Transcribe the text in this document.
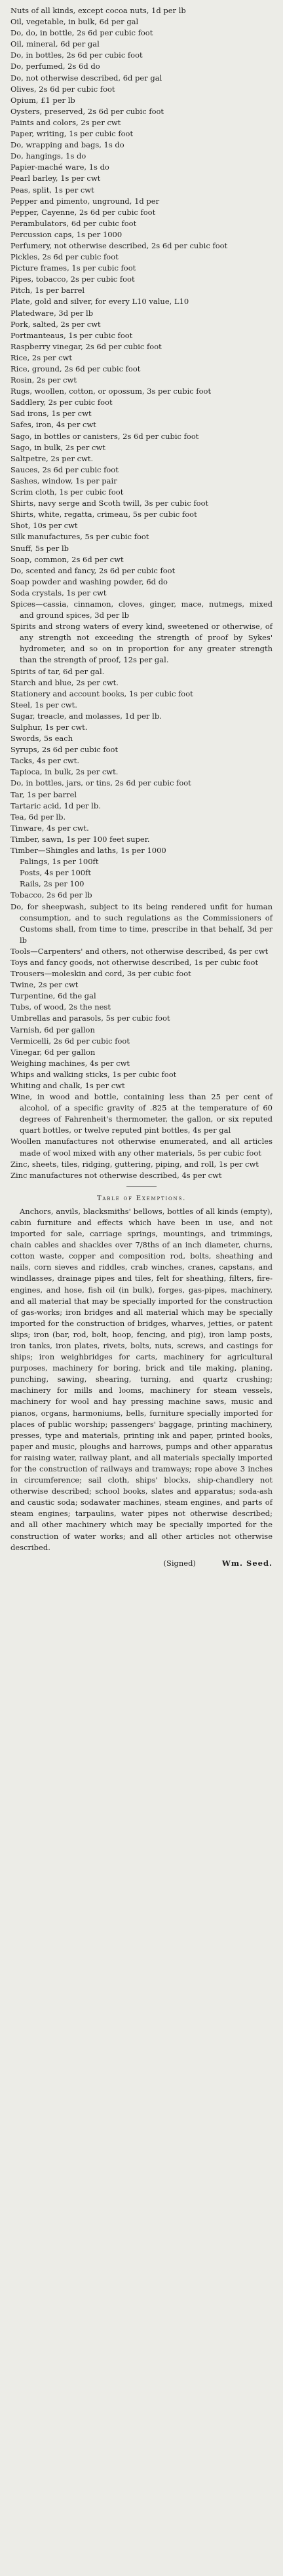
Nuts of all kinds, except cocoa nuts, 1d per lb

Oil, vegetable, in bulk, 6d per gal

Do, do, in bottle, 2s 6d per cubic foot

Oil, mineral, 6d per gal

Do, in bottles, 2s 6d per cubic foot

Do, perfumed, 2s 6d do

Do, not otherwise described, 6d per gal

Olives, 2s 6d per cubic foot

Opium, £1 per lb

Oysters, preserved, 2s 6d per cubic foot

Paints and colors, 2s per cwt

Paper, writing, 1s per cubic foot

Do, wrapping and bags, 1s do

Do, hangings, 1s do

Papier-maché ware, 1s do

Pearl barley, 1s per cwt

Peas, split, 1s per cwt

Pepper and pimento, unground, 1d per

Pepper, Cayenne, 2s 6d per cubic foot

Perambulators, 6d per cubic foot

Percussion caps, 1s per 1000

Perfumery, not otherwise described, 2s 6d per cubic foot

Pickles, 2s 6d per cubic foot

Picture frames, 1s per cubic foot

Pipes, tobacco, 2s per cubic foot

Pitch, 1s per barrel

Plate, gold and silver, for every L10 value, L10

Platedware, 3d per lb

Pork, salted, 2s per cwt

Portmanteaus, 1s per cubic foot

Raspberry vinegar, 2s 6d per cubic foot

Rice, 2s per cwt

Rice, ground, 2s 6d per cubic foot

Rosin, 2s per cwt

Rugs, woollen, cotton, or opossum, 3s per cubic foot

Saddlery, 2s per cubic foot

Sad irons, 1s per cwt

Safes, iron, 4s per cwt

Sago, in bottles or canisters, 2s 6d per cubic foot

Sago, in bulk, 2s per cwt

Saltpetre, 2s per cwt.

Sauces, 2s 6d per cubic foot

Sashes, window, 1s per pair

Scrim cloth, 1s per cubic foot

Shirts, navy serge and Scoth twill, 3s per cubic foot

Shirts, white, regatta, crimeau, 5s per cubic foot

Shot, 10s per cwt

Silk manufactures, 5s per cubic foot

Snuff, 5s per lb

Soap, common, 2s 6d per cwt

Do, scented and fancy, 2s 6d per cubic foot

Soap powder and washing powder, 6d do

Soda crystals, 1s per cwt

Spices—cassia, cinnamon, cloves, ginger, mace, nutmegs, mixed and ground spices, 3d per lb

Spirits and strong waters of every kind, sweetened or otherwise, of any strength not exceeding the strength of proof by Sykes' hydrometer, and so on in proportion for any greater strength than the strength of proof, 12s per gal.

Spirits of tar, 6d per gal.

Starch and blue, 2s per cwt.

Stationery and account books, 1s per cubic foot

Steel, 1s per cwt.

Sugar, treacle, and molasses, 1d per lb.

Sulphur, 1s per cwt.

Swords, 5s each

Syrups, 2s 6d per cubic foot

Tacks, 4s per cwt.

Tapioca, in bulk, 2s per cwt.

Do, in bottles, jars, or tins, 2s 6d per cubic foot

Tar, 1s per barrel

Tartaric acid, 1d per lb.

Tea, 6d per lb.

Tinware, 4s per cwt.

Timber, sawn, 1s per 100 feet super.

Timber—Shingles and laths, 1s per 1000
Palings, 1s per 100ft
Posts, 4s per 100ft
Rails, 2s per 100

Tobacco, 2s 6d per lb

Do, for sheepwash, subject to its being rendered unfit for human consumption, and to such regulations as the Commissioners of Customs shall, from time to time, prescribe in that behalf, 3d per lb

Tools—Carpenters' and others, not otherwise described, 4s per cwt

Toys and fancy goods, not otherwise described, 1s per cubic foot

Trousers—moleskin and cord, 3s per cubic foot

Twine, 2s per cwt

Turpentine, 6d the gal

Tubs, of wood, 2s the nest

Umbrellas and parasols, 5s per cubic foot

Varnish, 6d per gallon

Vermicelli, 2s 6d per cubic foot

Vinegar, 6d per gallon

Weighing machines, 4s per cwt

Whips and walking sticks, 1s per cubic foot

Whiting and chalk, 1s per cwt

Wine, in wood and bottle, containing less than 25 per cent of alcohol, of a specific gravity of .825 at the temperature of 60 degrees of Fahrenheit's thermometer, the gallon, or six reputed quart bottles, or twelve reputed pint bottles, 4s per gal

Woollen manufactures not otherwise enumerated, and all articles made of wool mixed with any other materials, 5s per cubic foot

Zinc, sheets, tiles, ridging, guttering, piping, and roll, 1s per cwt

Zinc manufactures not otherwise described, 4s per cwt

Table of Exemptions.

Anchors, anvils, blacksmiths' bellows, bottles of all kinds (empty), cabin furniture and effects which have been in use, and not imported for sale, carriage springs, mountings, and trimmings, chain cables and shackles over 7/8ths of an inch diameter, churns, cotton waste, copper and composition rod, bolts, sheathing and nails, corn sieves and riddles, crab winches, cranes, capstans, and windlasses, drainage pipes and tiles, felt for sheathing, filters, fire-engines, and hose, fish oil (in bulk), forges, gas-pipes, machinery, and all material that may be specially imported for the construction of gas-works; iron bridges and all material which may be specially imported for the construction of bridges, wharves, jetties, or patent slips; iron (bar, rod, bolt, hoop, fencing, and pig), iron lamp posts, iron tanks, iron plates, rivets, bolts, nuts, screws, and castings for ships; iron weighbridges for carts, machinery for agricultural purposes, machinery for boring, brick and tile making, planing, punching, sawing, shearing, turning, and quartz crushing; machinery for mills and looms, machinery for steam vessels, machinery for wool and hay pressing machine saws, music and pianos, organs, harmoniums, bells, furniture specially imported for places of public worship; passengers' baggage, printing machinery, presses, type and materials, printing ink and paper, printed books, paper and music, ploughs and harrows, pumps and other apparatus for raising water, railway plant, and all materials specially imported for the construction of railways and tramways; rope above 3 inches in circumference; sail cloth, ships' blocks, ship-chandlery not otherwise described; school books, slates and apparatus; soda-ash and caustic soda; sodawater machines, steam engines, and parts of steam engines; tarpaulins, water pipes not otherwise described; and all other machinery which may be specially imported for the construction of water works; and all other articles not otherwise described.

(Signed)	Wm. Seed.
